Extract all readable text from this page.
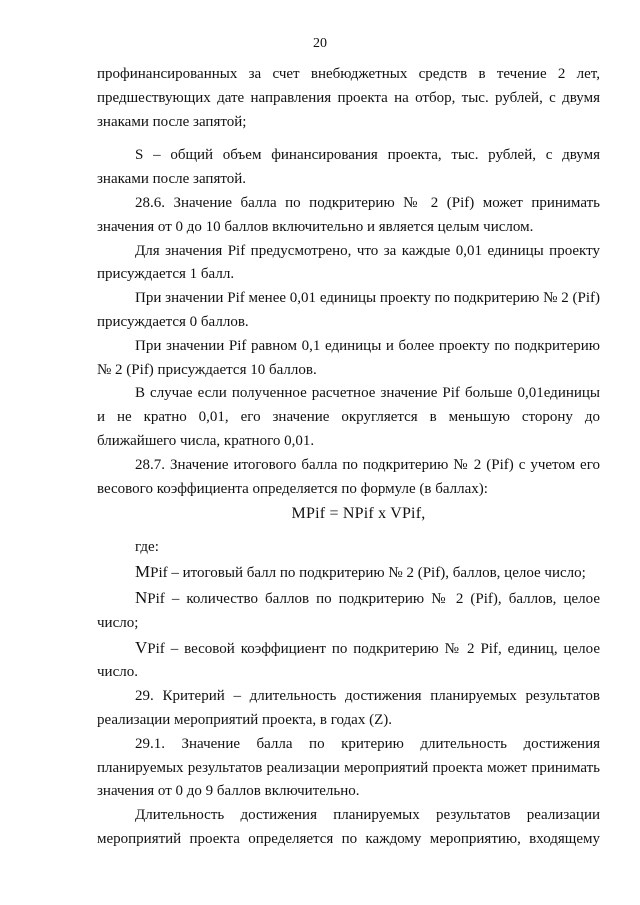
20

профинансированных за счет внебюджетных средств в течение 2 лет, предшествующих дате направления проекта на отбор, тыс. рублей, с двумя знаками после запятой;

S – общий объем финансирования проекта, тыс. рублей, с двумя знаками после запятой.

28.6. Значение балла по подкритерию № 2 (Pif) может принимать значения от 0 до 10 баллов включительно и является целым числом.

Для значения Pif предусмотрено, что за каждые 0,01 единицы проекту присуждается 1 балл.

При значении Pif менее 0,01 единицы проекту по подкритерию № 2 (Pif) присуждается 0 баллов.

При значении Pif равном 0,1 единицы и более проекту по подкритерию № 2 (Pif) присуждается 10 баллов.

В случае если полученное расчетное значение Pif больше 0,01единицы и не кратно 0,01, его значение округляется в меньшую сторону до ближайшего числа, кратного 0,01.

28.7. Значение итогового балла по подкритерию № 2 (Pif) с учетом его весового коэффициента определяется по формуле (в баллах):

MPif = NPif x VPif,

где:

MPif – итоговый балл по подкритерию № 2 (Pif), баллов, целое число;

NPif – количество баллов по подкритерию № 2 (Pif), баллов, целое число;

VPif – весовой коэффициент по подкритерию № 2 Pif, единиц, целое число.

29. Критерий – длительность достижения планируемых результатов реализации мероприятий проекта, в годах (Z).

29.1. Значение балла по критерию длительность достижения планируемых результатов реализации мероприятий проекта может принимать значения от 0 до 9 баллов включительно.

Длительность достижения планируемых результатов реализации мероприятий проекта определяется по каждому мероприятию, входящему
